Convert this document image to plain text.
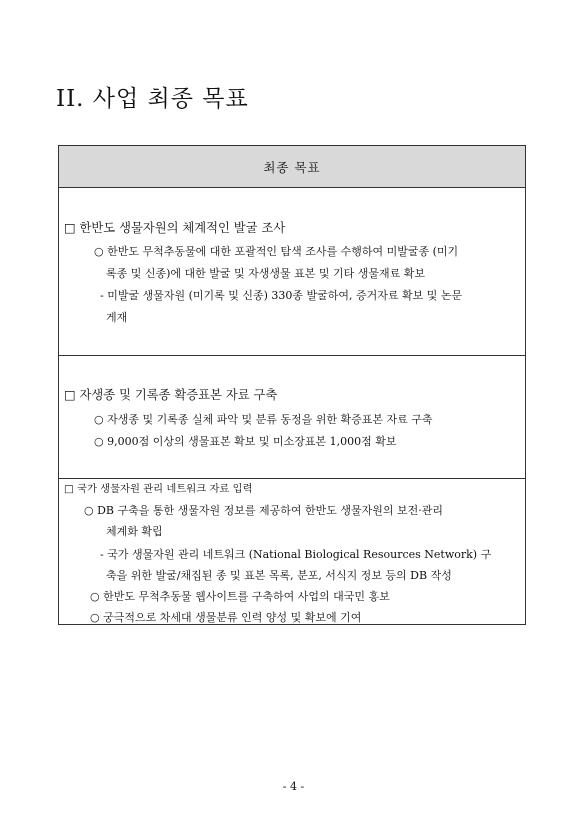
II. 사업 최종 목표
최종 목표
□ 한반도 생물자원의 체계적인 발굴 조사
○ 한반도 무척추동물에 대한 포괄적인 탐색 조사를 수행하여 미발굴종 (미기
록종 및 신종)에 대한 발굴 및 자생생물 표본 및 기타 생물재료 확보
- 미발굴 생물자원 (미기록 및 신종) 330종 발굴하여, 증거자료 확보 및 논문
게재
□ 자생종 및 기록종 확증표본 자료 구축
○ 자생종 및 기록종 실체 파악 및 분류 동정을 위한 확증표본 자료 구축
○ 9,000점 이상의 생물표본 확보 및 미소장표본 1,000점 확보
□ 국가 생물자원 관리 네트워크 자료 입력
○ DB 구축을 통한 생물자원 정보를 제공하여 한반도 생물자원의 보전·관리
체계화 확립
- 국가 생물자원 관리 네트워크 (National Biological Resources Network) 구
축을 위한 발굴/채집된 종 및 표본 목록, 분포, 서식지 정보 등의 DB 작성
○ 한반도 무척추동물 웹사이트를 구축하여 사업의 대국민 홍보
○ 궁극적으로 차세대 생물분류 인력 양성 및 확보에 기여
- 4 -
